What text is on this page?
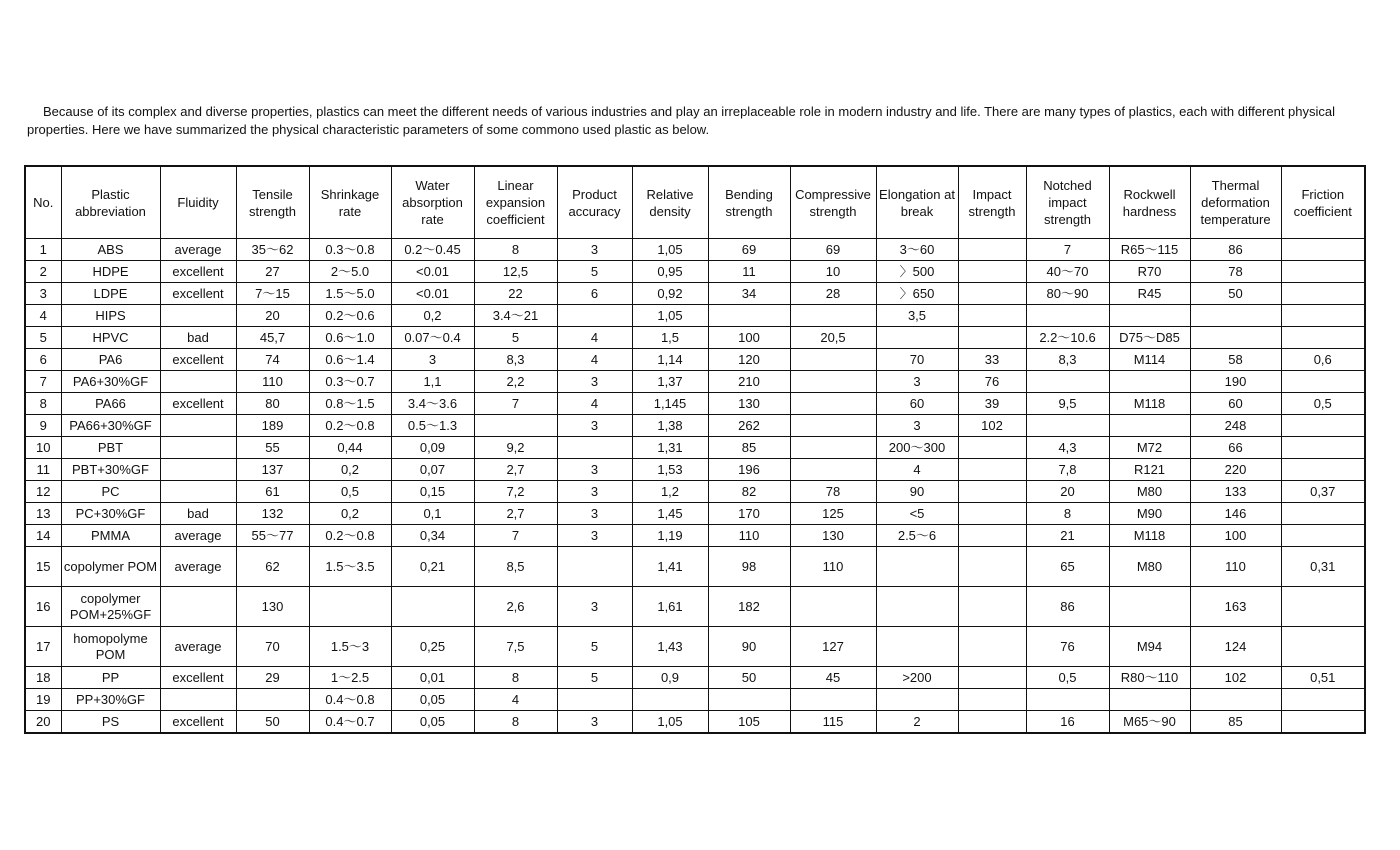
Because of its complex and diverse properties, plastics can meet the different needs of various industries and play an irreplaceable role in modern industry and life. There are many types of plastics, each with different physical properties. Here we have summarized the physical characteristic parameters of some commono used plastic as below.

No.	Plastic abbreviation	Fluidity	Tensile strength	Shrinkage rate	Water absorption rate	Linear expansion coefficient	Product accuracy	Relative density	Bending strength	Compressive strength	Elongation at break	Impact strength	Notched impact strength	Rockwell hardness	Thermal deformation temperature	Friction coefficient
1	ABS	average	35～62	0.3～0.8	0.2～0.45	8	3	1,05	69	69	3～60		7	R65～115	86	
2	HDPE	excellent	27	2～5.0	<0.01	12,5	5	0,95	11	10	〉500		40～70	R70	78	
3	LDPE	excellent	7～15	1.5～5.0	<0.01	22	6	0,92	34	28	〉650		80～90	R45	50	
4	HIPS		20	0.2～0.6	0,2	3.4～21		1,05			3,5					
5	HPVC	bad	45,7	0.6～1.0	0.07～0.4	5	4	1,5	100	20,5			2.2～10.6	D75～D85		
6	PA6	excellent	74	0.6～1.4	3	8,3	4	1,14	120		70	33	8,3	M114	58	0,6
7	PA6+30%GF		110	0.3～0.7	1,1	2,2	3	1,37	210		3	76			190	
8	PA66	excellent	80	0.8～1.5	3.4～3.6	7	4	1,145	130		60	39	9,5	M118	60	0,5
9	PA66+30%GF		189	0.2～0.8	0.5～1.3		3	1,38	262		3	102			248	
10	PBT		55	0,44	0,09	9,2		1,31	85		200～300		4,3	M72	66	
11	PBT+30%GF		137	0,2	0,07	2,7	3	1,53	196		4		7,8	R121	220	
12	PC		61	0,5	0,15	7,2	3	1,2	82	78	90		20	M80	133	0,37
13	PC+30%GF	bad	132	0,2	0,1	2,7	3	1,45	170	125	<5		8	M90	146	
14	PMMA	average	55～77	0.2～0.8	0,34	7	3	1,19	110	130	2.5～6		21	M118	100	
15	copolymer POM	average	62	1.5～3.5	0,21	8,5		1,41	98	110			65	M80	110	0,31
16	copolymer POM+25%GF		130			2,6	3	1,61	182				86		163	
17	homopolyme POM	average	70	1.5～3	0,25	7,5	5	1,43	90	127			76	M94	124	
18	PP	excellent	29	1～2.5	0,01	8	5	0,9	50	45	>200		0,5	R80～110	102	0,51
19	PP+30%GF			0.4～0.8	0,05	4										
20	PS	excellent	50	0.4～0.7	0,05	8	3	1,05	105	115	2		16	M65～90	85	
